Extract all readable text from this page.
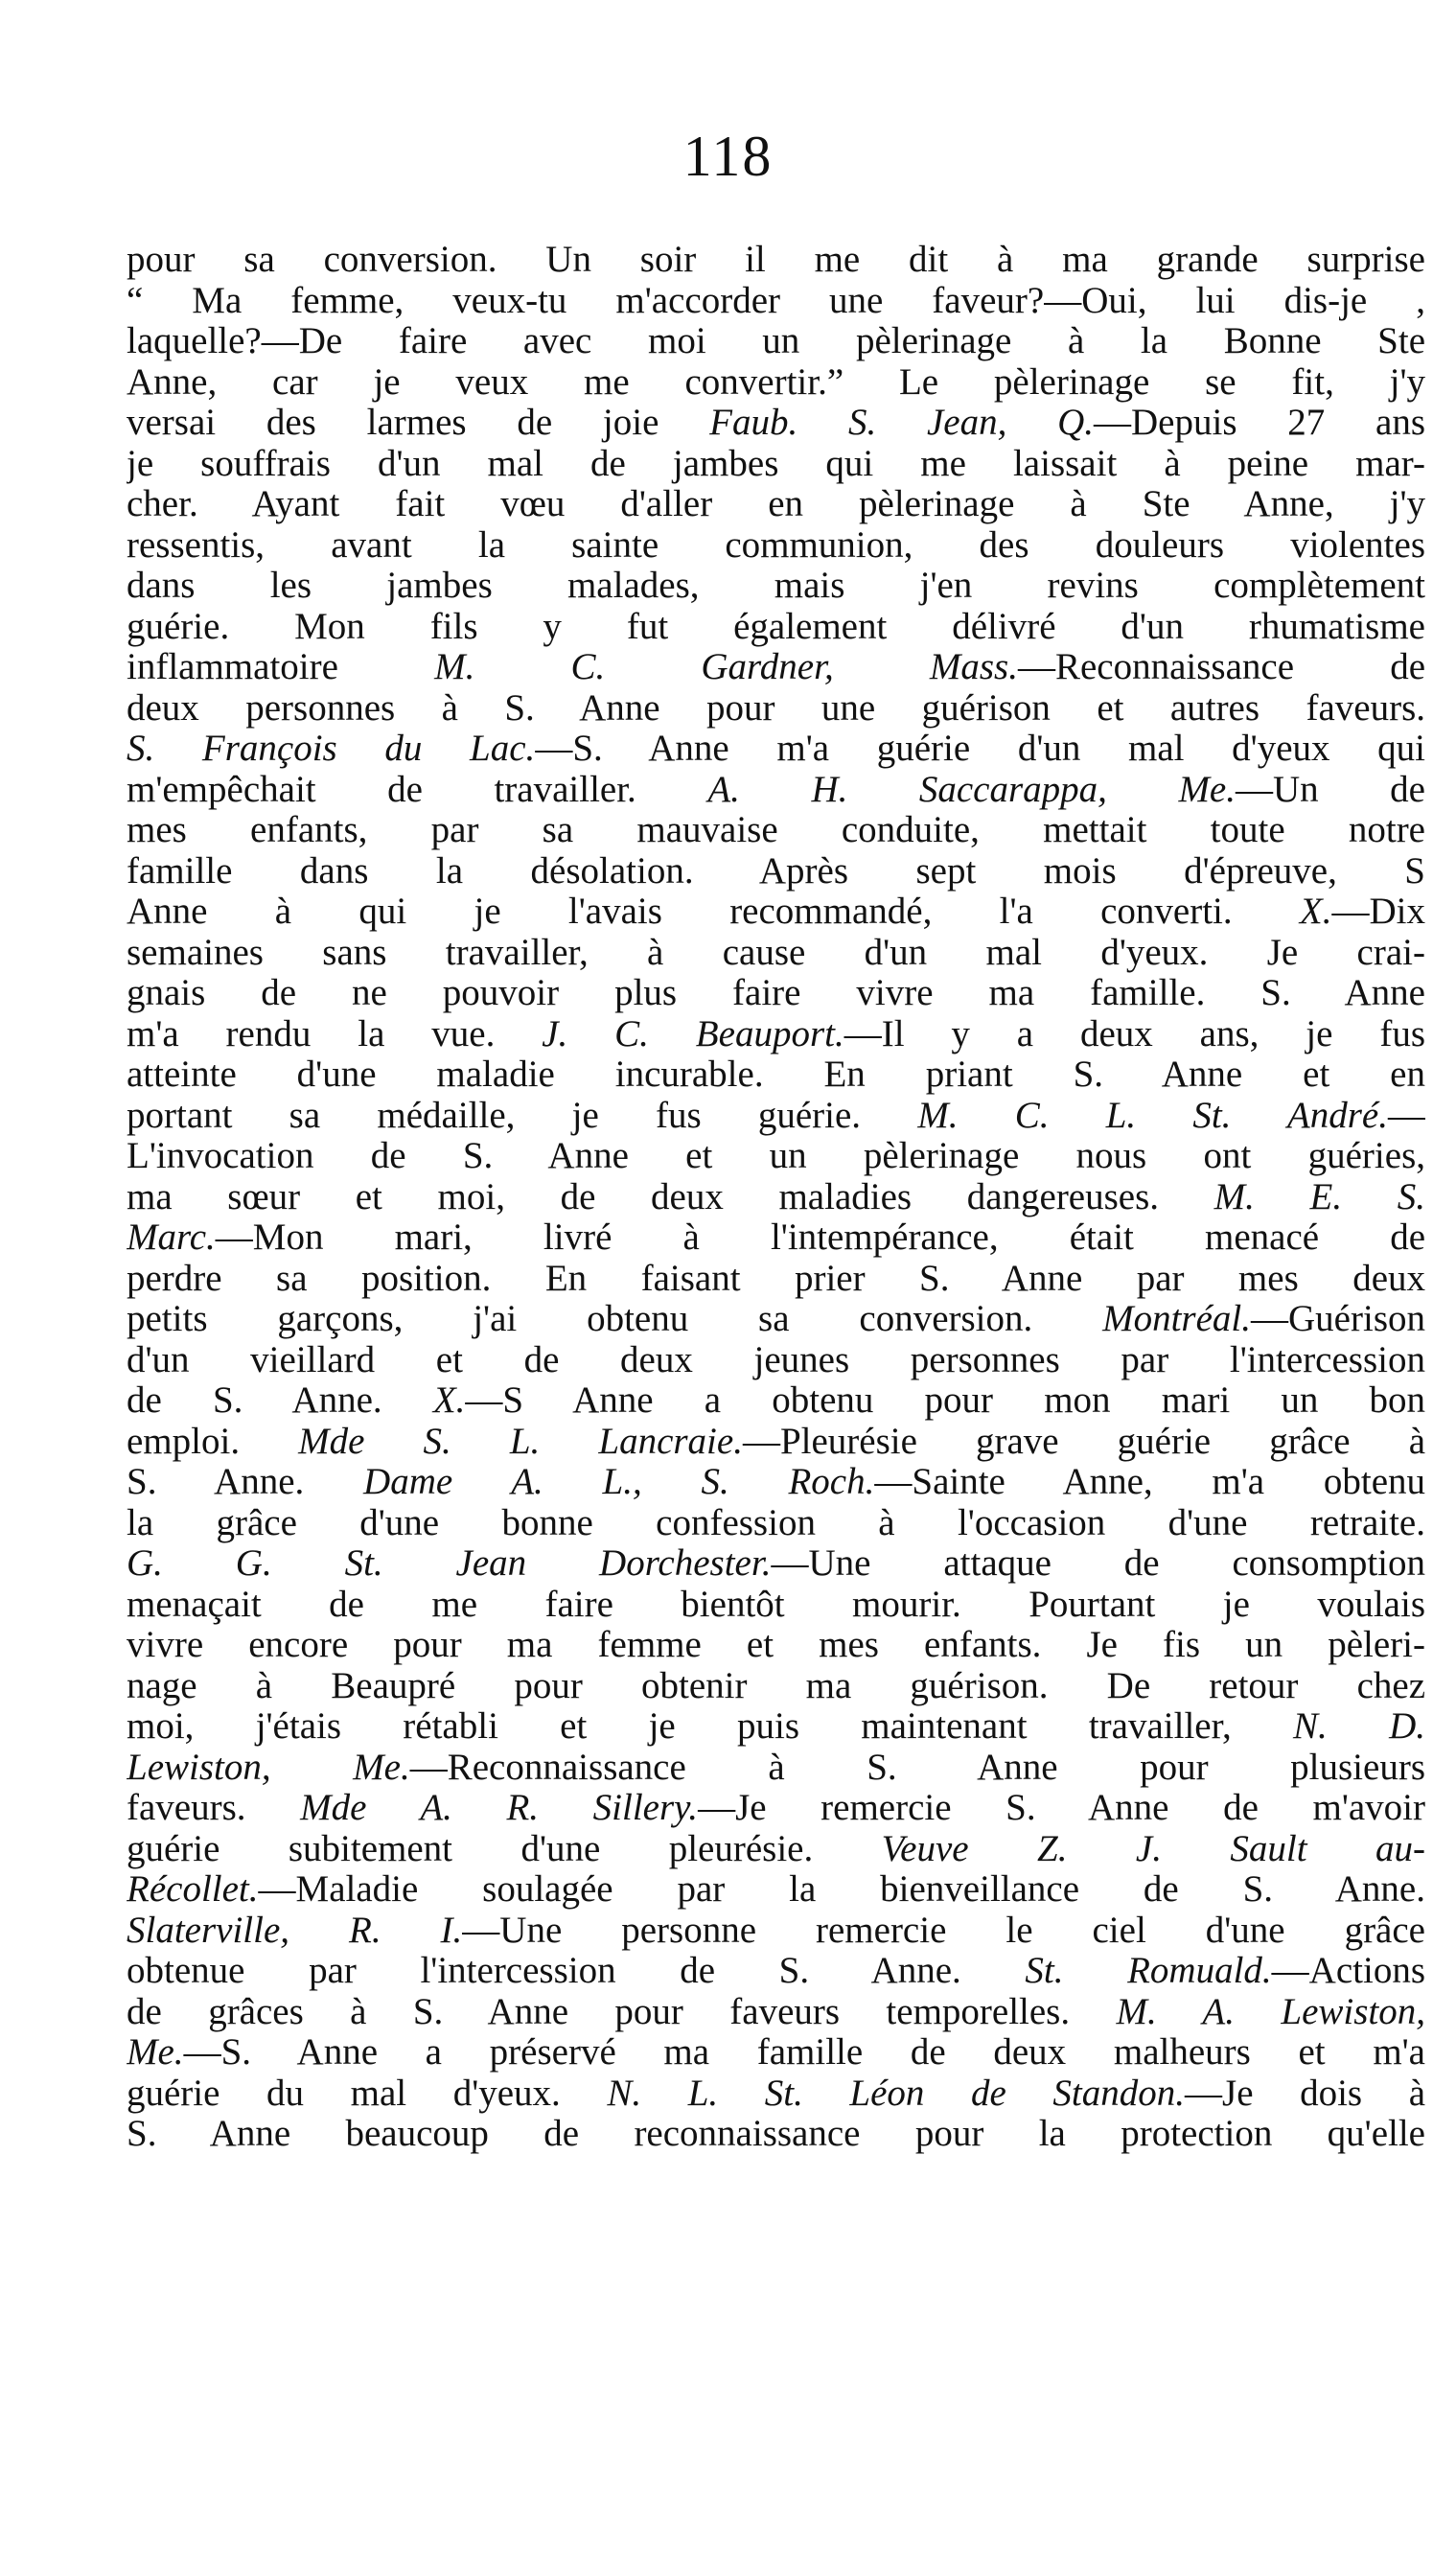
118
pour sa conversion. Un soir il me dit à ma grande surprise
“ Ma femme, veux-tu m'accorder une faveur?—Oui, lui dis-je ,
laquelle?—De faire avec moi un pèlerinage à la Bonne Ste
Anne, car je veux me convertir.” Le pèlerinage se fit, j'y
versai des larmes de joie Faub. S. Jean, Q.—Depuis 27 ans
je souffrais d'un mal de jambes qui me laissait à peine mar-
cher. Ayant fait vœu d'aller en pèlerinage à Ste Anne, j'y
ressentis, avant la sainte communion, des douleurs violentes
dans les jambes malades, mais j'en revins complètement
guérie. Mon fils y fut également délivré d'un rhumatisme
inflammatoire M. C. Gardner, Mass.—Reconnaissance de
deux personnes à S. Anne pour une guérison et autres faveurs.
S. François du Lac.—S. Anne m'a guérie d'un mal d'yeux qui
m'empêchait de travailler. A. H. Saccarappa, Me.—Un de
mes enfants, par sa mauvaise conduite, mettait toute notre
famille dans la désolation. Après sept mois d'épreuve, S
Anne à qui je l'avais recommandé, l'a converti. X.—Dix
semaines sans travailler, à cause d'un mal d'yeux. Je crai-
gnais de ne pouvoir plus faire vivre ma famille. S. Anne
m'a rendu la vue. J. C. Beauport.—Il y a deux ans, je fus
atteinte d'une maladie incurable. En priant S. Anne et en
portant sa médaille, je fus guérie. M. C. L. St. André.—
L'invocation de S. Anne et un pèlerinage nous ont guéries,
ma sœur et moi, de deux maladies dangereuses. M. E. S.
Marc.—Mon mari, livré à l'intempérance, était menacé de
perdre sa position. En faisant prier S. Anne par mes deux
petits garçons, j'ai obtenu sa conversion. Montréal.—Guérison
d'un vieillard et de deux jeunes personnes par l'intercession
de S. Anne. X.—S Anne a obtenu pour mon mari un bon
emploi. Mde S. L. Lancraie.—Pleurésie grave guérie grâce à
S. Anne. Dame A. L., S. Roch.—Sainte Anne, m'a obtenu
la grâce d'une bonne confession à l'occasion d'une retraite.
G. G. St. Jean Dorchester.—Une attaque de consomption
menaçait de me faire bientôt mourir. Pourtant je voulais
vivre encore pour ma femme et mes enfants. Je fis un pèleri-
nage à Beaupré pour obtenir ma guérison. De retour chez
moi, j'étais rétabli et je puis maintenant travailler, N. D.
Lewiston, Me.—Reconnaissance à S. Anne pour plusieurs
faveurs. Mde A. R. Sillery.—Je remercie S. Anne de m'avoir
guérie subitement d'une pleurésie. Veuve Z. J. Sault au-
Récollet.—Maladie soulagée par la bienveillance de S. Anne.
Slaterville, R. I.—Une personne remercie le ciel d'une grâce
obtenue par l'intercession de S. Anne. St. Romuald.—Actions
de grâces à S. Anne pour faveurs temporelles. M. A. Lewiston,
Me.—S. Anne a préservé ma famille de deux malheurs et m'a
guérie du mal d'yeux. N. L. St. Léon de Standon.—Je dois à
S. Anne beaucoup de reconnaissance pour la protection qu'elle
